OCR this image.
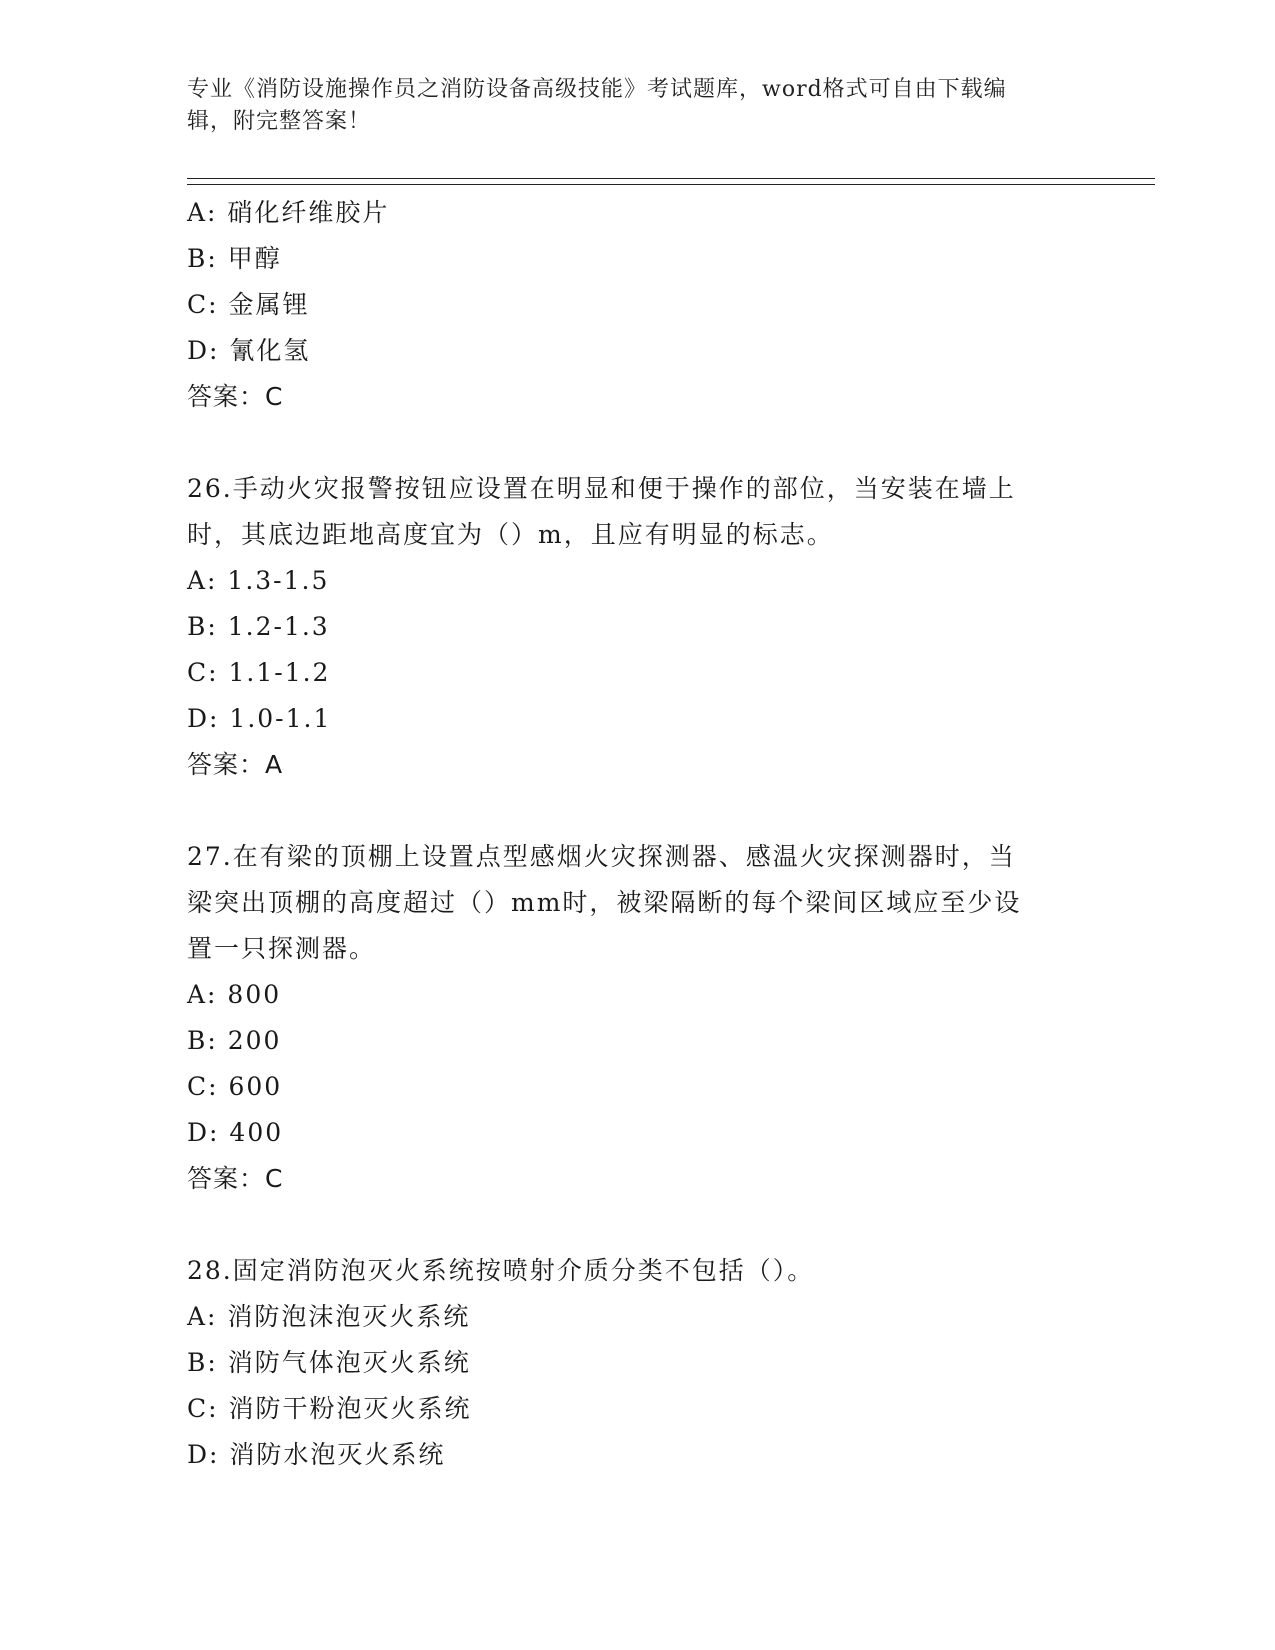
专业《消防设施操作员之消防设备高级技能》考试题库，word格式可自由下载编
辑，附完整答案！
A: 硝化纤维胶片
B: 甲醇
C: 金属锂
D: 氰化氢
答案：C
26.手动火灾报警按钮应设置在明显和便于操作的部位，当安装在墙上
时，其底边距地高度宜为（）m，且应有明显的标志。
A: 1.3-1.5
B: 1.2-1.3
C: 1.1-1.2
D: 1.0-1.1
答案：A
27.在有梁的顶棚上设置点型感烟火灾探测器、感温火灾探测器时，当
梁突出顶棚的高度超过（）mm时，被梁隔断的每个梁间区域应至少设
置一只探测器。
A: 800
B: 200
C: 600
D: 400
答案：C
28.固定消防泡灭火系统按喷射介质分类不包括（）。
A: 消防泡沫泡灭火系统
B: 消防气体泡灭火系统
C: 消防干粉泡灭火系统
D: 消防水泡灭火系统
